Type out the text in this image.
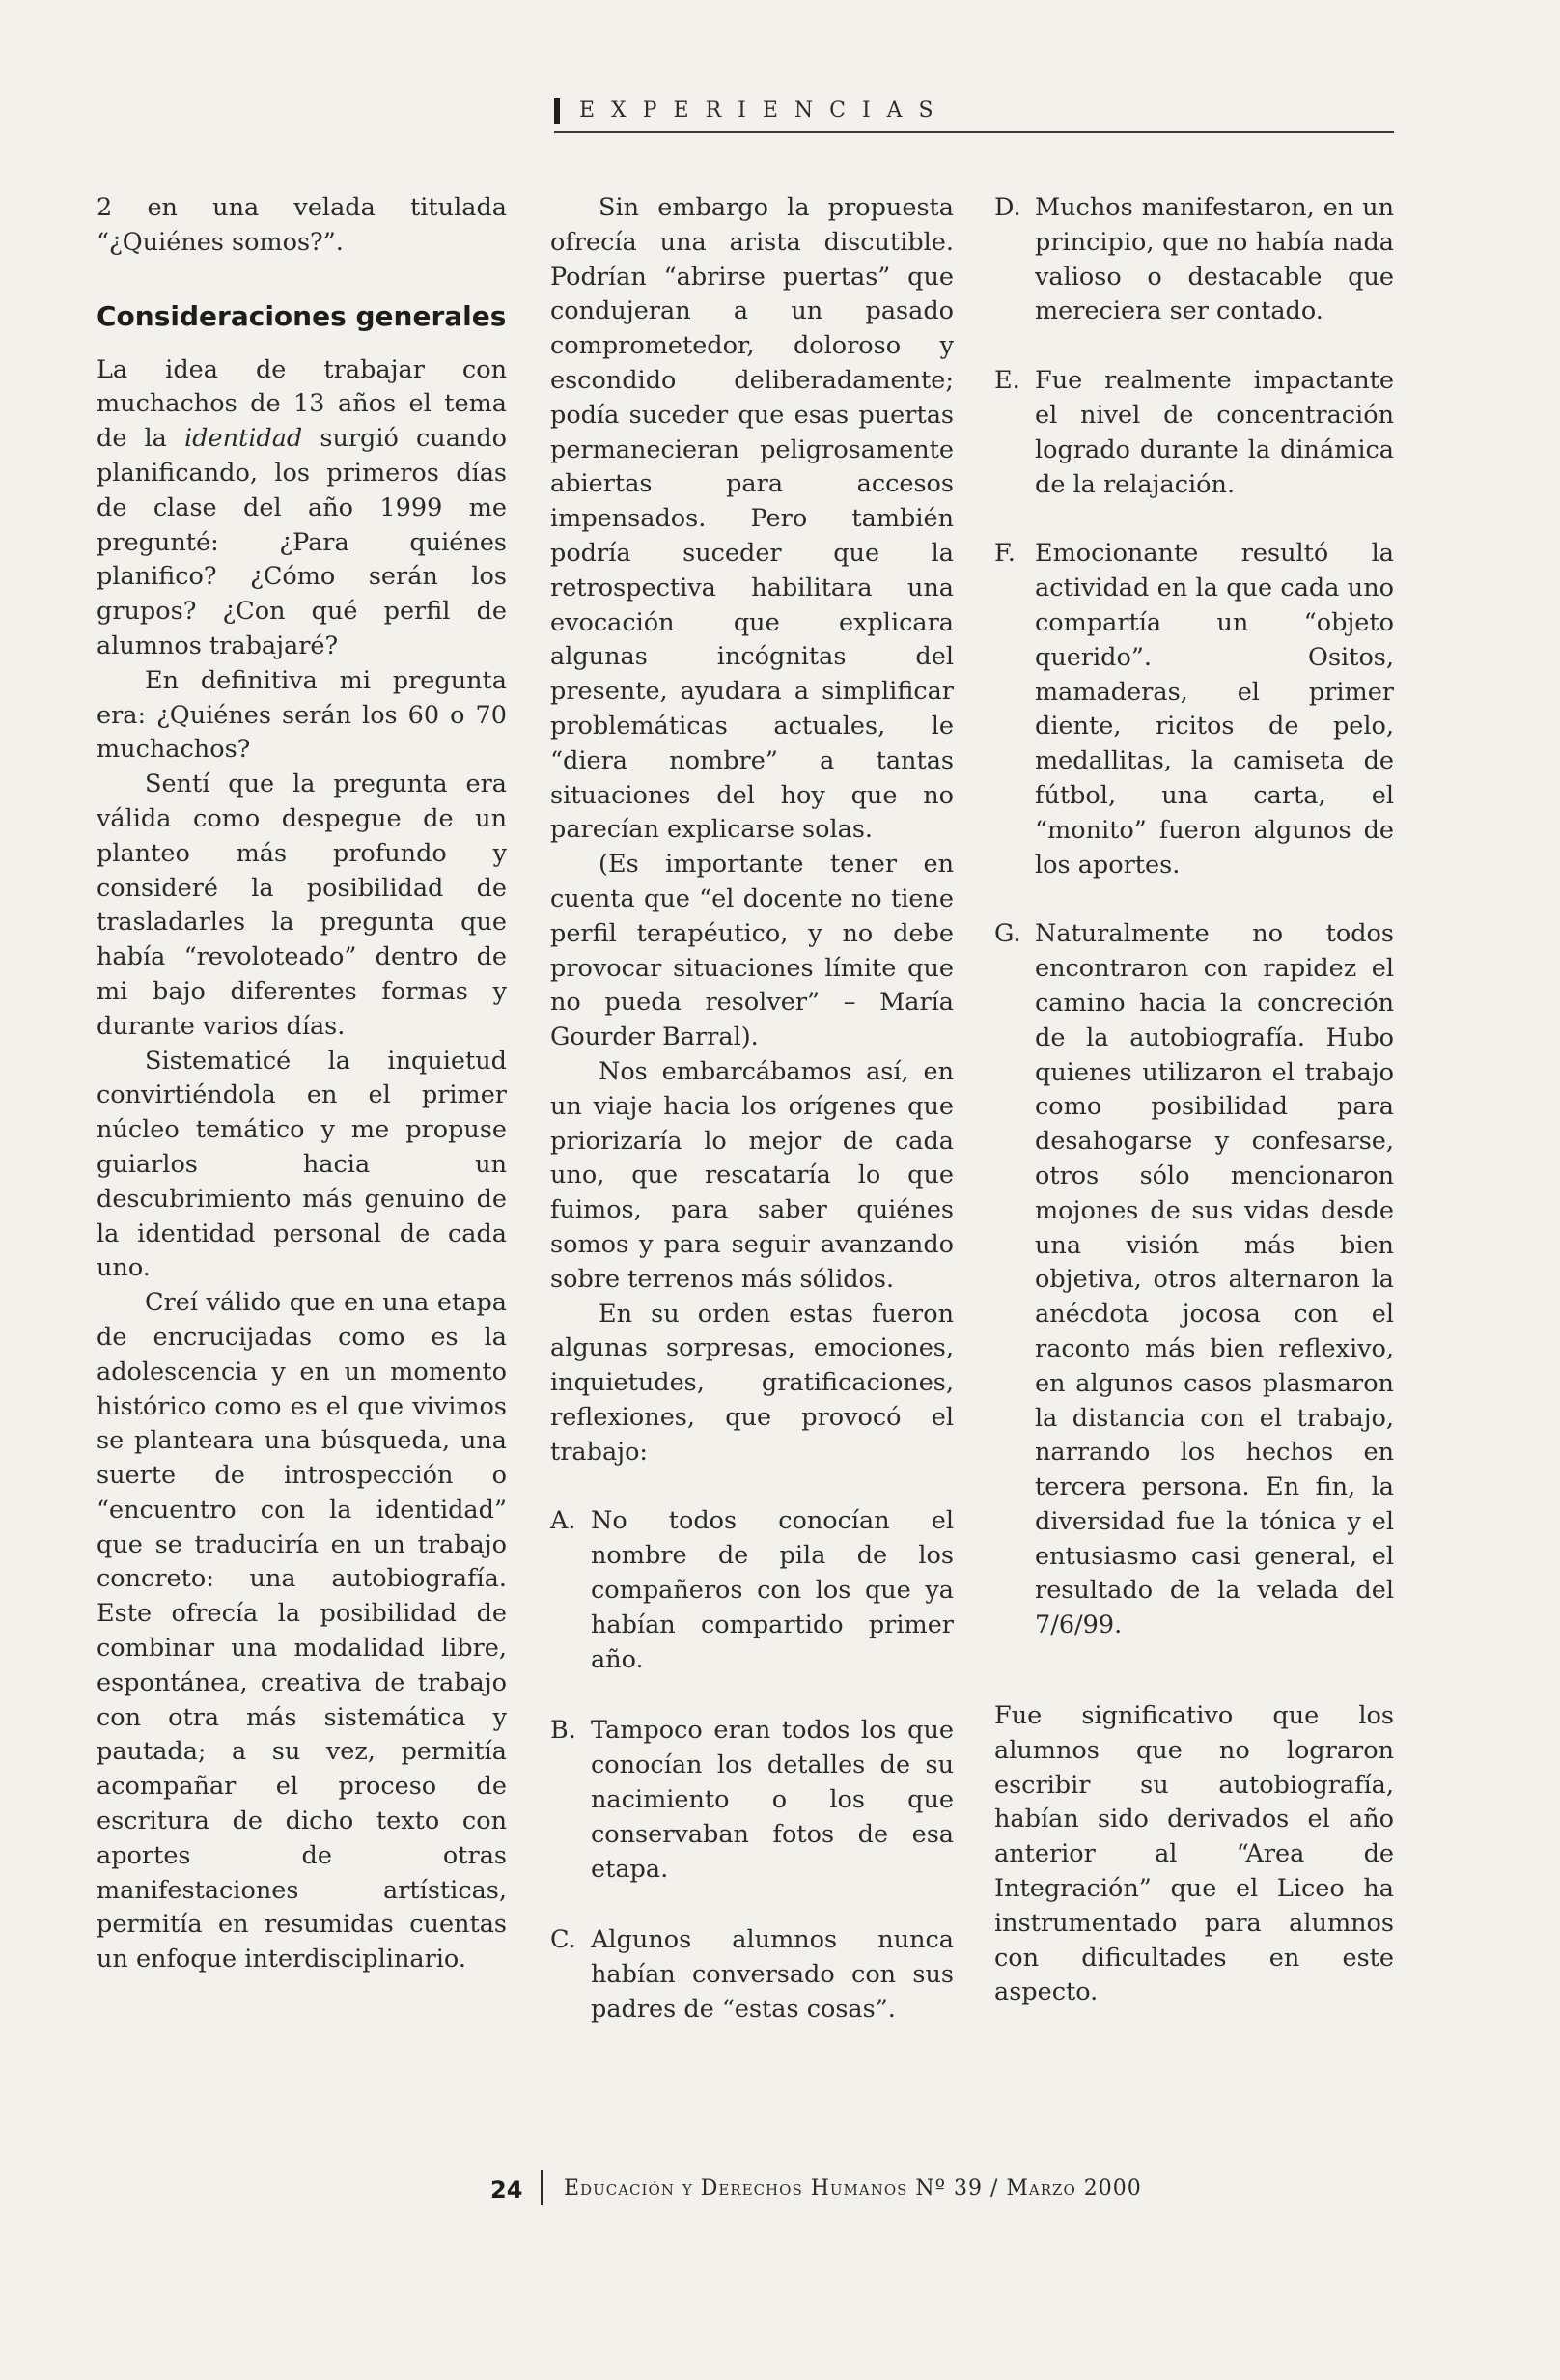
EXPERIENCIAS

2 en una velada titulada “¿Quiénes somos?”.

Consideraciones generales

La idea de trabajar con muchachos de 13 años el tema de la identidad surgió cuando planificando, los primeros días de clase del año 1999 me pregunté: ¿Para quiénes planifico? ¿Cómo serán los grupos? ¿Con qué perfil de alumnos trabajaré?

En definitiva mi pregunta era: ¿Quiénes serán los 60 o 70 muchachos?

Sentí que la pregunta era válida como despegue de un planteo más profundo y consideré la posibilidad de trasladarles la pregunta que había “revoloteado” dentro de mi bajo diferentes formas y durante varios días.

Sistematicé la inquietud convirtiéndola en el primer núcleo temático y me propuse guiarlos hacia un descubrimiento más genuino de la identidad personal de cada uno.

Creí válido que en una etapa de encrucijadas como es la adolescencia y en un momento histórico como es el que vivimos se planteara una búsqueda, una suerte de introspección o “encuentro con la identidad” que se traduciría en un trabajo concreto: una autobiografía. Este ofrecía la posibilidad de combinar una modalidad libre, espontánea, creativa de trabajo con otra más sistemática y pautada; a su vez, permitía acompañar el proceso de escritura de dicho texto con aportes de otras manifestaciones artísticas, permitía en resumidas cuentas un enfoque interdisciplinario.

Sin embargo la propuesta ofrecía una arista discutible. Podrían “abrirse puertas” que condujeran a un pasado comprometedor, doloroso y escondido deliberadamente; podía suceder que esas puertas permanecieran peligrosamente abiertas para accesos impensados. Pero también podría suceder que la retrospectiva habilitara una evocación que explicara algunas incógnitas del presente, ayudara a simplificar problemáticas actuales, le “diera nombre” a tantas situaciones del hoy que no parecían explicarse solas.

(Es importante tener en cuenta que “el docente no tiene perfil terapéutico, y no debe provocar situaciones límite que no pueda resolver” – María Gourder Barral).

Nos embarcábamos así, en un viaje hacia los orígenes que priorizaría lo mejor de cada uno, que rescataría lo que fuimos, para saber quiénes somos y para seguir avanzando sobre terrenos más sólidos.

En su orden estas fueron algunas sorpresas, emociones, inquietudes, gratificaciones, reflexiones, que provocó el trabajo:

A. No todos conocían el nombre de pila de los compañeros con los que ya habían compartido primer año.
B. Tampoco eran todos los que conocían los detalles de su nacimiento o los que conservaban fotos de esa etapa.
C. Algunos alumnos nunca habían conversado con sus padres de “estas cosas”.
D. Muchos manifestaron, en un principio, que no había nada valioso o destacable que mereciera ser contado.
E. Fue realmente impactante el nivel de concentración logrado durante la dinámica de la relajación.
F. Emocionante resultó la actividad en la que cada uno compartía un “objeto querido”. Ositos, mamaderas, el primer diente, ricitos de pelo, medallitas, la camiseta de fútbol, una carta, el “monito” fueron algunos de los aportes.
G. Naturalmente no todos encontraron con rapidez el camino hacia la concreción de la autobiografía. Hubo quienes utilizaron el trabajo como posibilidad para desahogarse y confesarse, otros sólo mencionaron mojones de sus vidas desde una visión más bien objetiva, otros alternaron la anécdota jocosa con el raconto más bien reflexivo, en algunos casos plasmaron la distancia con el trabajo, narrando los hechos en tercera persona. En fin, la diversidad fue la tónica y el entusiasmo casi general, el resultado de la velada del 7/6/99.

Fue significativo que los alumnos que no lograron escribir su autobiografía, habían sido derivados el año anterior al “Area de Integración” que el Liceo ha instrumentado para alumnos con dificultades en este aspecto.

24 Educación y Derechos Humanos Nº 39 / Marzo 2000
